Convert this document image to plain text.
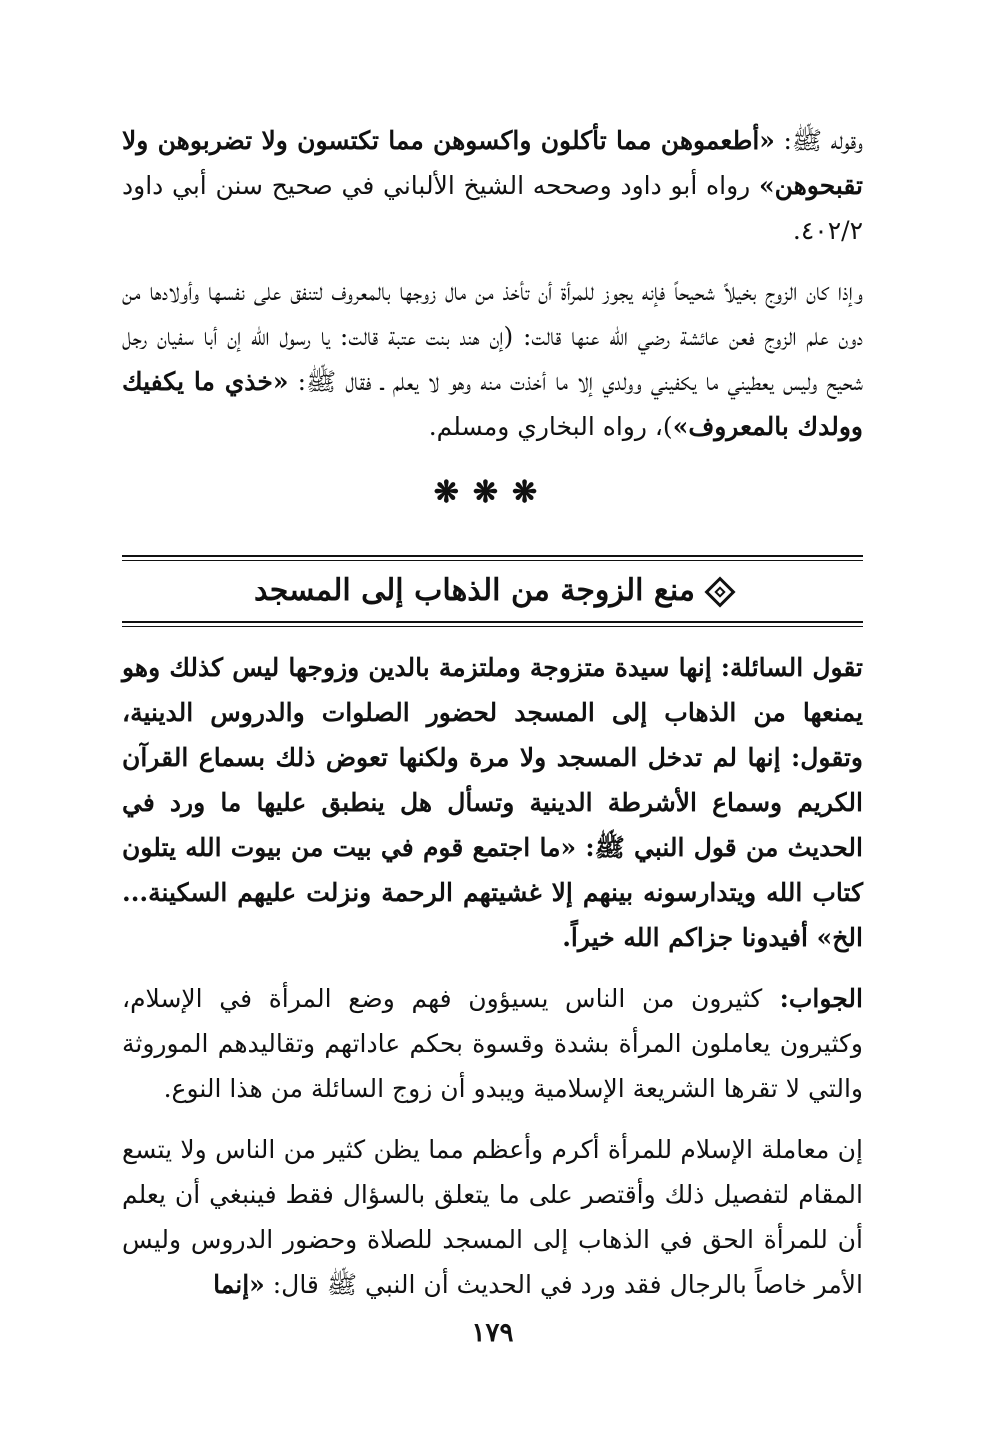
وقوله ﷺ: «أطعموهن مما تأكلون واكسوهن مما تكتسون ولا تضربوهن ولا تقبحوهن» رواه أبو داود وصححه الشيخ الألباني في صحيح سنن أبي داود ٤٠٢/٢.

وإذا كان الزوج بخيلاً شحيحاً فإنه يجوز للمرأة أن تأخذ من مال زوجها بالمعروف لتنفق على نفسها وأولادها من دون علم الزوج فعن عائشة رضي الله عنها قالت: (إن هند بنت عتبة قالت: يا رسول الله إن أبا سفيان رجل شحيح وليس يعطيني ما يكفيني وولدي إلا ما أخذت منه وهو لا يعلم ـ فقال ﷺ: «خذي ما يكفيك وولدك بالمعروف»)، رواه البخاري ومسلم.

❋❋❋
منع الزوجة من الذهاب إلى المسجد

تقول السائلة: إنها سيدة متزوجة وملتزمة بالدين وزوجها ليس كذلك وهو يمنعها من الذهاب إلى المسجد لحضور الصلوات والدروس الدينية، وتقول: إنها لم تدخل المسجد ولا مرة ولكنها تعوض ذلك بسماع القرآن الكريم وسماع الأشرطة الدينية وتسأل هل ينطبق عليها ما ورد في الحديث من قول النبي ﷺ: «ما اجتمع قوم في بيت من بيوت الله يتلون كتاب الله ويتدارسونه بينهم إلا غشيتهم الرحمة ونزلت عليهم السكينة... الخ» أفيدونا جزاكم الله خيراً.

الجواب: كثيرون من الناس يسيؤون فهم وضع المرأة في الإسلام، وكثيرون يعاملون المرأة بشدة وقسوة بحكم عاداتهم وتقاليدهم الموروثة والتي لا تقرها الشريعة الإسلامية ويبدو أن زوج السائلة من هذا النوع.

إن معاملة الإسلام للمرأة أكرم وأعظم مما يظن كثير من الناس ولا يتسع المقام لتفصيل ذلك وأقتصر على ما يتعلق بالسؤال فقط فينبغي أن يعلم أن للمرأة الحق في الذهاب إلى المسجد للصلاة وحضور الدروس وليس الأمر خاصاً بالرجال فقد ورد في الحديث أن النبي ﷺ قال: «إنما

١٧٩
